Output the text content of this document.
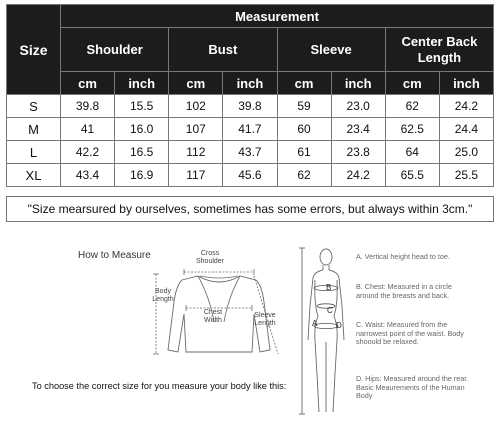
Size	Measurement							
	Shoulder		Bust		Sleeve		Center Back Length	
	cm	inch	cm	inch	cm	inch	cm	inch
S	39.8	15.5	102	39.8	59	23.0	62	24.2
M	41	16.0	107	41.7	60	23.4	62.5	24.4
L	42.2	16.5	112	43.7	61	23.8	64	25.0
XL	43.4	16.9	117	45.6	62	24.2	65.5	25.5
"Size mearsured by ourselves, sometimes has some errors, but always within 3cm."
How to Measure	Cross Shoulder
Body Length
Chest Width
Sleeve Length
To choose the correct size for you measure your body like this:
A
B
C
D
A. Vertical height head to toe.
B. Chest: Measured in a circle around the breasts and back.
C. Waist: Measured from the narrowest point of the waist. Body shoould be relaxed.
D. Hips: Measured around the rear. Basic Meaurements of the Human Body
